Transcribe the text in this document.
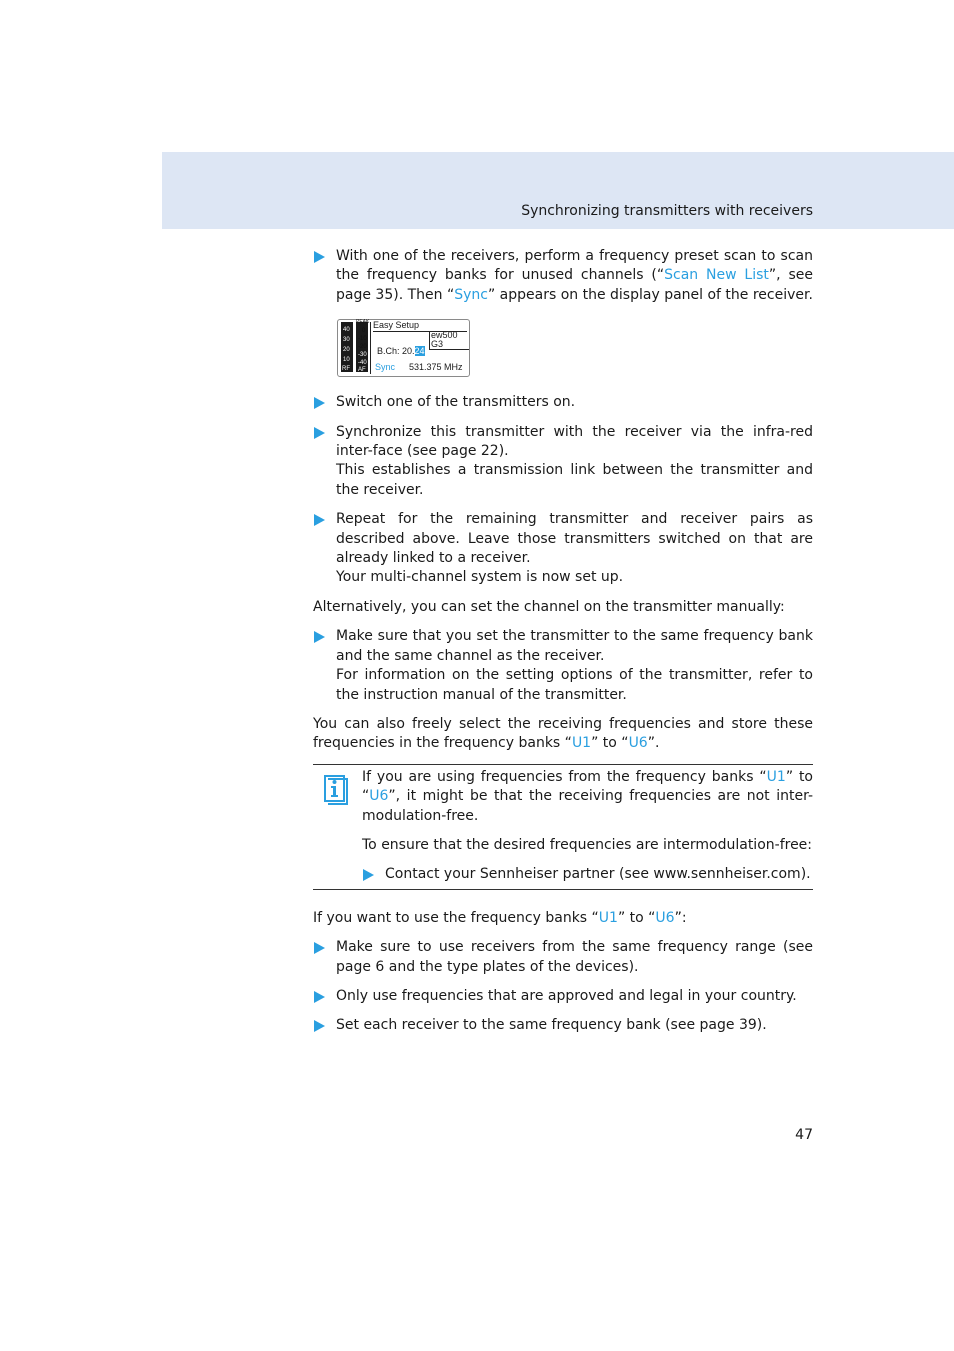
Synchronizing transmitters with receivers
With one of the receivers, perform a frequency preset scan to scan the frequency banks for unused channels (“Scan New List”, see page 35). Then “Sync” appears on the display panel of the receiver.
40
30
20
10
RF
PEAK
0
-10
-20
-30
-40
AF
Easy Setup
ew500 G3
B.Ch: 20.24
Sync 531.375 MHz
Switch one of the transmitters on.
Synchronize this transmitter with the receiver via the infra-red inter-face (see page 22).
This establishes a transmission link between the transmitter and the receiver.
Repeat for the remaining transmitter and receiver pairs as described above. Leave those transmitters switched on that are already linked to a receiver.
Your multi-channel system is now set up.
Alternatively, you can set the channel on the transmitter manually:
Make sure that you set the transmitter to the same frequency bank and the same channel as the receiver.
For information on the setting options of the transmitter, refer to the instruction manual of the transmitter.
You can also freely select the receiving frequencies and store these frequencies in the frequency banks “U1” to “U6”.

If you are using frequencies from the frequency banks “U1” to “U6”, it might be that the receiving frequencies are not inter-modulation-free.

To ensure that the desired frequencies are intermodulation-free:

Contact your Sennheiser partner (see www.sennheiser.com).
If you want to use the frequency banks “U1” to “U6”:
Make sure to use receivers from the same frequency range (see page 6 and the type plates of the devices).
Only use frequencies that are approved and legal in your country.
Set each receiver to the same frequency bank (see page 39).
47
